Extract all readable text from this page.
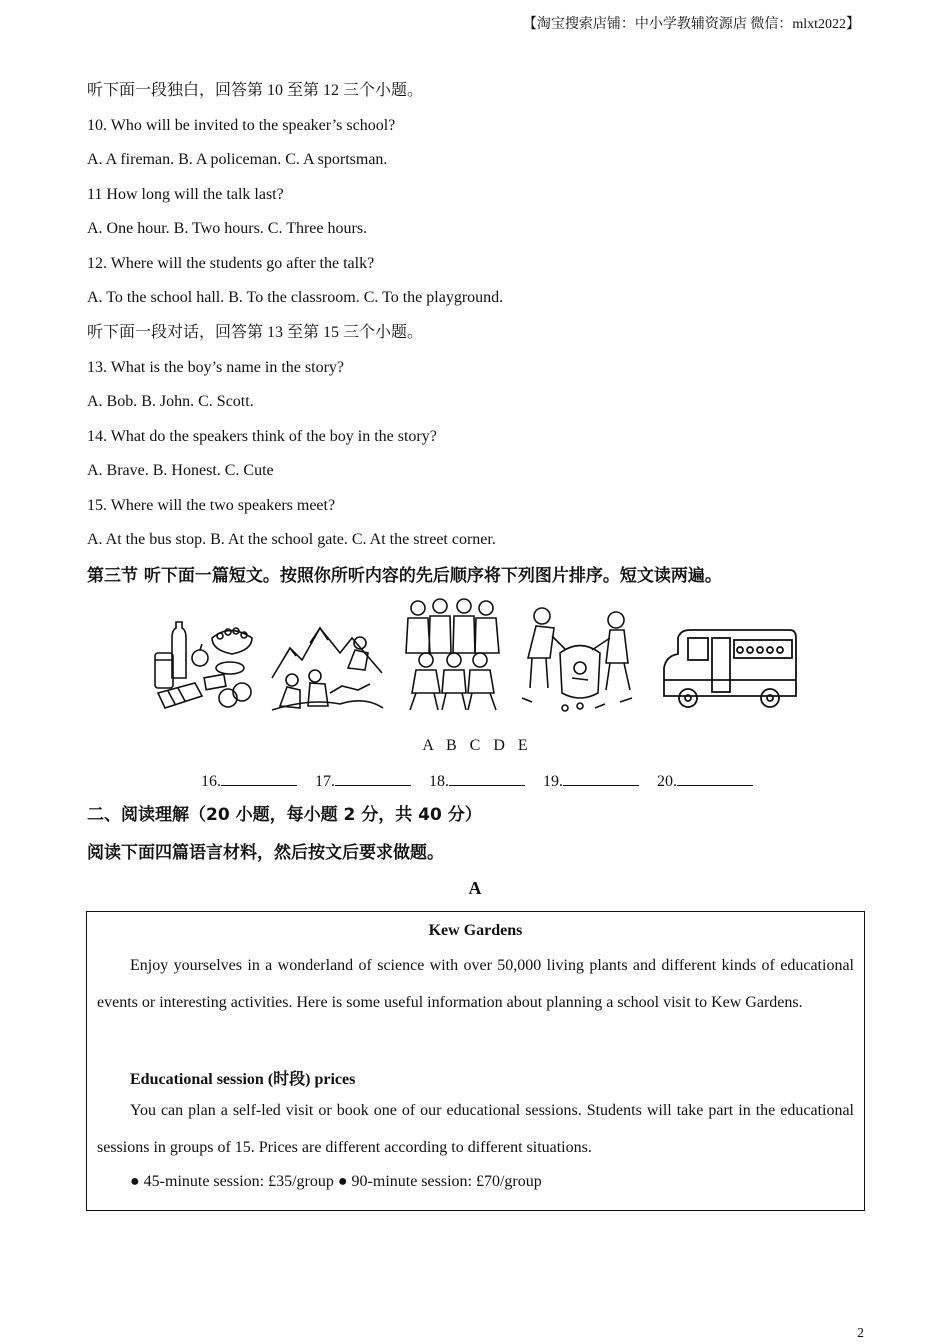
【淘宝搜索店铺：中小学教辅资源店 微信：mlxt2022】
听下面一段独白，回答第 10 至第 12 三个小题。
10. Who will be invited to the speaker’s school?
A. A fireman. B. A policeman. C. A sportsman.
11 How long will the talk last?
A. One hour. B. Two hours. C. Three hours.
12. Where will the students go after the talk?
A. To the school hall. B. To the classroom. C. To the playground.
听下面一段对话，回答第 13 至第 15 三个小题。
13. What is the boy’s name in the story?
A. Bob. B. John. C. Scott.
14. What do the speakers think of the boy in the story?
A. Brave. B. Honest. C. Cute
15. Where will the two speakers meet?
A. At the bus stop. B. At the school gate. C. At the street corner.
第三节 听下面一篇短文。按照你所听内容的先后顺序将下列图片排序。短文读两遍。
A B C D E
16.	17.	18.	19.	20.
二、阅读理解（20 小题，每小题 2 分，共 40 分）
阅读下面四篇语言材料，然后按文后要求做题。
A
Kew Gardens
Enjoy yourselves in a wonderland of science with over 50,000 living plants and different kinds of educational events or interesting activities. Here is some useful information about planning a school visit to Kew Gardens.
Educational session (时段) prices
You can plan a self-led visit or book one of our educational sessions. Students will take part in the educational sessions in groups of 15. Prices are different according to different situations.
● 45-minute session: £35/group ● 90-minute session: £70/group
2
